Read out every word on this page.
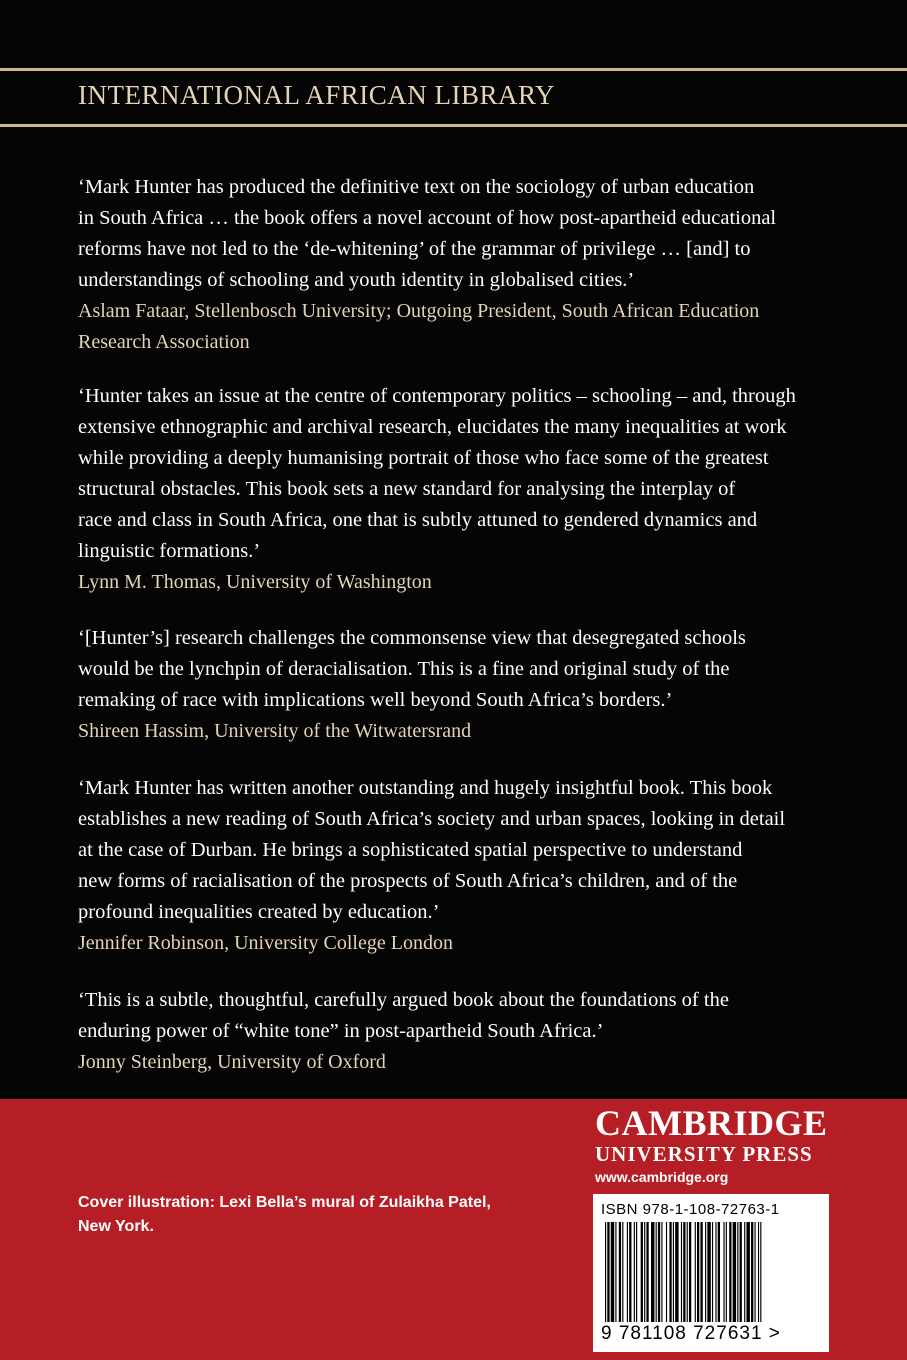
INTERNATIONAL AFRICAN LIBRARY
‘Mark Hunter has produced the definitive text on the sociology of urban education
in South Africa … the book offers a novel account of how post-apartheid educational
reforms have not led to the ‘de-whitening’ of the grammar of privilege … [and] to
understandings of schooling and youth identity in globalised cities.’
Aslam Fataar, Stellenbosch University; Outgoing President, South African Education
Research Association
‘Hunter takes an issue at the centre of contemporary politics – schooling – and, through
extensive ethnographic and archival research, elucidates the many inequalities at work
while providing a deeply humanising portrait of those who face some of the greatest
structural obstacles. This book sets a new standard for analysing the interplay of
race and class in South Africa, one that is subtly attuned to gendered dynamics and
linguistic formations.’
Lynn M. Thomas, University of Washington
‘[Hunter’s] research challenges the commonsense view that desegregated schools
would be the lynchpin of deracialisation. This is a fine and original study of the
remaking of race with implications well beyond South Africa’s borders.’
Shireen Hassim, University of the Witwatersrand
‘Mark Hunter has written another outstanding and hugely insightful book. This book
establishes a new reading of South Africa’s society and urban spaces, looking in detail
at the case of Durban. He brings a sophisticated spatial perspective to understand
new forms of racialisation of the prospects of South Africa’s children, and of the
profound inequalities created by education.’
Jennifer Robinson, University College London
‘This is a subtle, thoughtful, carefully argued book about the foundations of the
enduring power of “white tone” in post-apartheid South Africa.’
Jonny Steinberg, University of Oxford
Cover illustration: Lexi Bella’s mural of Zulaikha Patel,
New York.
CAMBRIDGE
UNIVERSITY PRESS
www.cambridge.org
ISBN 978-1-108-72763-1
9 781108 727631 >
